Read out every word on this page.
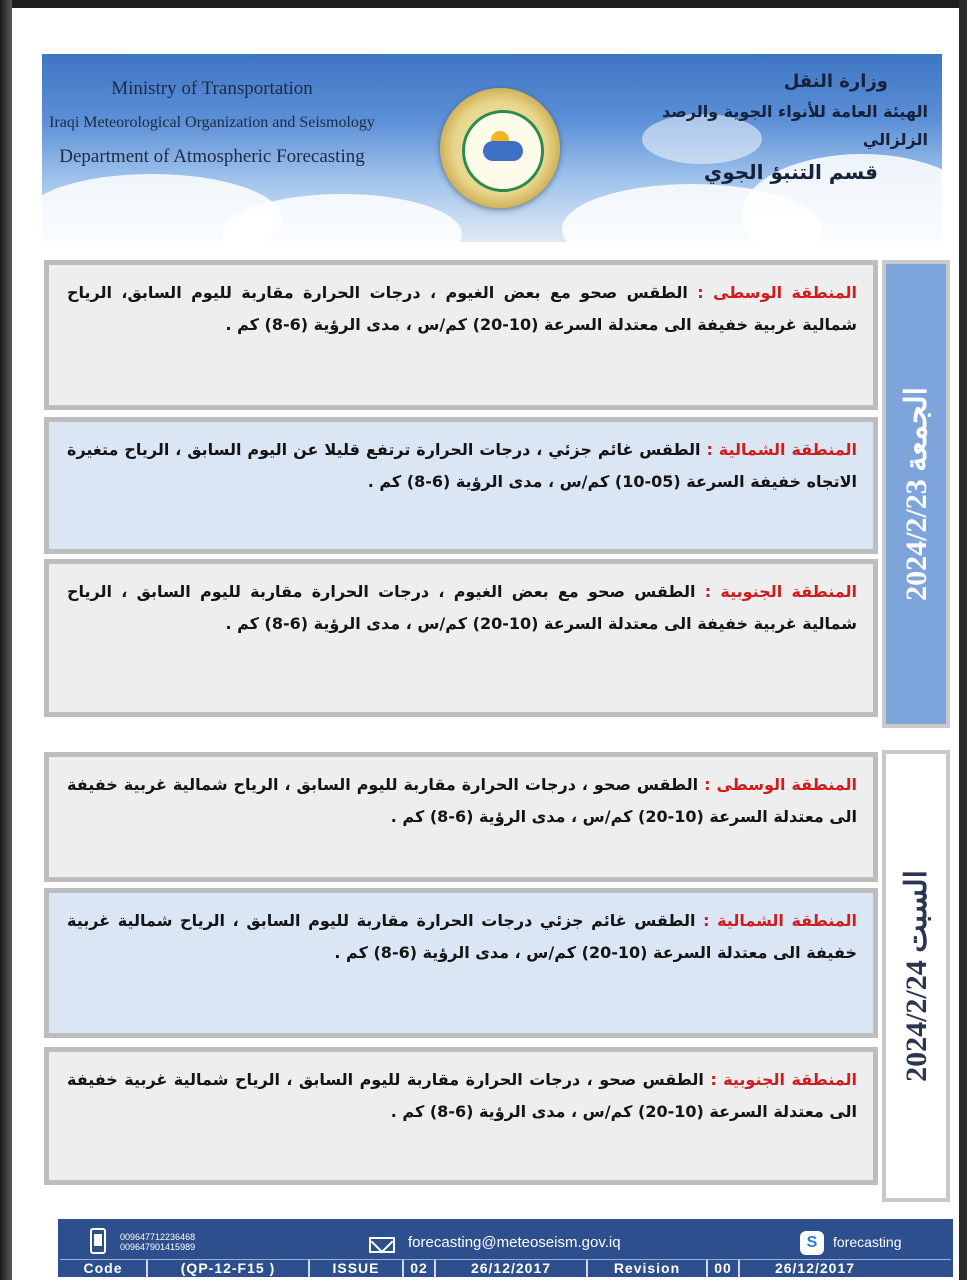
Ministry of Transportation
Iraqi Meteorological Organization and Seismology
Department of Atmospheric Forecasting
وزارة النقل
الهيئة العامة للأنواء الجوية والرصد الزلزالي
قسم التنبؤ الجوي
الجمعة 2024/2/23

المنطقة الوسطى : الطقس صحو مع بعض الغيوم ، درجات الحرارة مقاربة لليوم السابق، الرياح شمالية غربية خفيفة الى معتدلة السرعة (10-20) كم/س ، مدى الرؤية (6-8) كم .

المنطقة الشمالية : الطقس غائم جزئي ، درجات الحرارة ترتفع قليلا عن اليوم السابق ، الرياح متغيرة الاتجاه خفيفة السرعة (05-10) كم/س ، مدى الرؤية (6-8) كم .

المنطقة الجنوبية : الطقس صحو مع بعض الغيوم ، درجات الحرارة مقاربة لليوم السابق ، الرياح شمالية غربية خفيفة الى معتدلة السرعة (10-20) كم/س ، مدى الرؤية (6-8) كم .

السبت 2024/2/24

المنطقة الوسطى : الطقس صحو ، درجات الحرارة مقاربة لليوم السابق ، الرياح شمالية غربية خفيفة الى معتدلة السرعة (10-20) كم/س ، مدى الرؤية (6-8) كم .

المنطقة الشمالية : الطقس غائم جزئي درجات الحرارة مقاربة لليوم السابق ، الرياح شمالية غربية خفيفة الى معتدلة السرعة (10-20) كم/س ، مدى الرؤية (6-8) كم .

المنطقة الجنوبية : الطقس صحو ، درجات الحرارة مقاربة لليوم السابق ، الرياح شمالية غربية خفيفة الى معتدلة السرعة (10-20) كم/س ، مدى الرؤية (6-8) كم .

009647712236468
009647901415989	forecasting@meteoseism.gov.iq	S	forecasting
Code	(QP-12-F15 )	ISSUE	02	26/12/2017	Revision	00	26/12/2017
